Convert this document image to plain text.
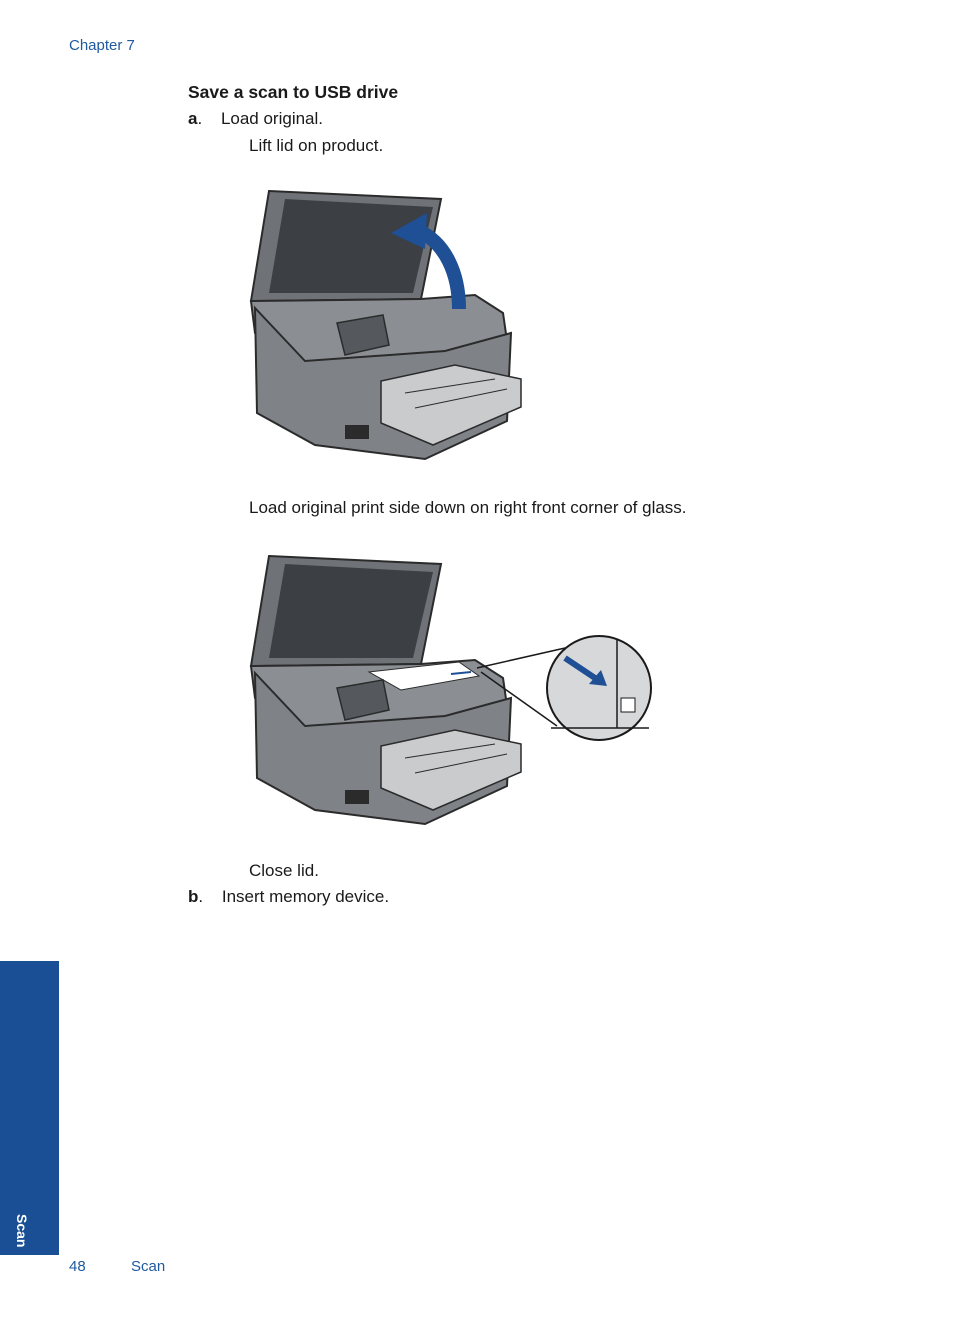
Chapter 7
Save a scan to USB drive
a. Load original.
Lift lid on product.
Load original print side down on right front corner of glass.
Close lid.
b. Insert memory device.
Scan
48	Scan
